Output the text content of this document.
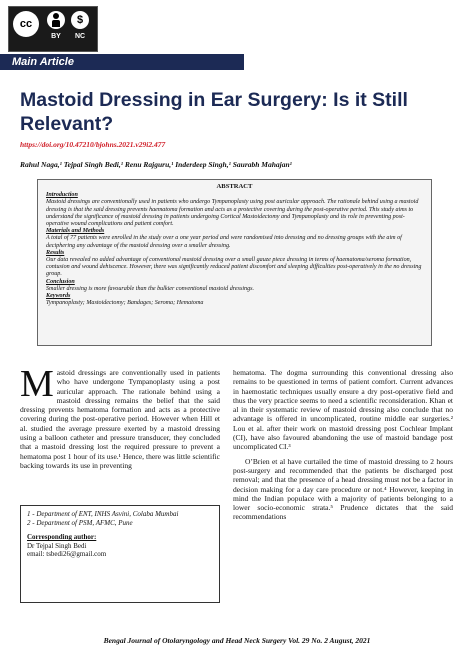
cc	$
BY	NC
Main Article
Mastoid Dressing in Ear Surgery: Is it Still Relevant?
https://doi.org/10.47210/bjohns.2021.v29i2.477
Rahul Naga,¹ Tejpal Singh Bedi,¹ Renu Rajguru,¹ Inderdeep Singh,¹ Saurabh Mahajan¹
ABSTRACT
Introduction
Mastoid dressings are conventionally used in patients who undergo Tympanoplasty using post auricular approach. The rationale behind using a mastoid dressing is that the said dressing prevents haematoma formation and acts as a protective covering during the post-operative period. This study aims to understand the significance of mastoid dressing in patients undergoing Cortical Mastoidectomy and Tympanoplasty and its role in preventing post-operative wound complications and patient comfort.
Materials and Methods
A total of 77 patients were enrolled in the study over a one year period and were randomised into dressing and no dressing groups with the aim of deciphering any advantage of the mastoid dressing over a smaller dressing.
Results
Our data revealed no added advantage of conventional mastoid dressing over a small gauze piece dressing in terms of haematoma/seroma formation, contusion and wound dehiscence. However, there was significantly reduced patient discomfort and sleeping difficulties post-operatively in the no dressing group.
Conclusion
Smaller dressing is more favourable than the bulkier conventional mastoid dressings.
Keywords
Tympanoplasty; Mastoidectomy; Bandages; Seroma; Hematoma

M astoid dressings are conventionally used in patients who have undergone Tympanoplasty using a post auricular approach. The rationale behind using a mastoid dressing remains the belief that the said dressing prevents hematoma formation and acts as a protective covering during the post-operative period. However when Hill et al. studied the average pressure exerted by a mastoid dressing using a balloon catheter and pressure transducer, they concluded that a mastoid dressing lost the required pressure to prevent a hematoma post 1 hour of its use.¹ Hence, there was little scientific backing towards its use in preventing

hematoma. The dogma surrounding this conventional dressing also remains to be questioned in terms of patient comfort. Current advances in haemostatic techniques usually ensure a dry post-operative field and thus the very practice seems to need a scientific reconsideration. Khan et al in their systematic review of mastoid dressing also conclude that no advantage is offered in uncomplicated, routine middle ear surgeries.² Lou et al. after their work on mastoid dressing post Cochlear Implant (CI), have also favoured abandoning the use of mastoid bandage post uncomplicated CI.³

O’Brien et al have curtailed the time of mastoid dressing to 2 hours post-surgery and recommended that the patients be discharged post removal; and that the presence of a head dressing must not be a factor in decision making for a day care procedure or not.⁴ However, keeping in mind the Indian populace with a majority of patients belonging to a lower socio-economic strata.⁵ Prudence dictates that the said recommendations

1 - Department of ENT, INHS Asvini, Colaba Mumbai
2 - Department of PSM, AFMC, Pune
Corresponding author:
Dr Tejpal Singh Bedi
email: tsbedi26@gmail.com
Bengal Journal of Otolaryngology and Head Neck Surgery Vol. 29 No. 2 August, 2021
